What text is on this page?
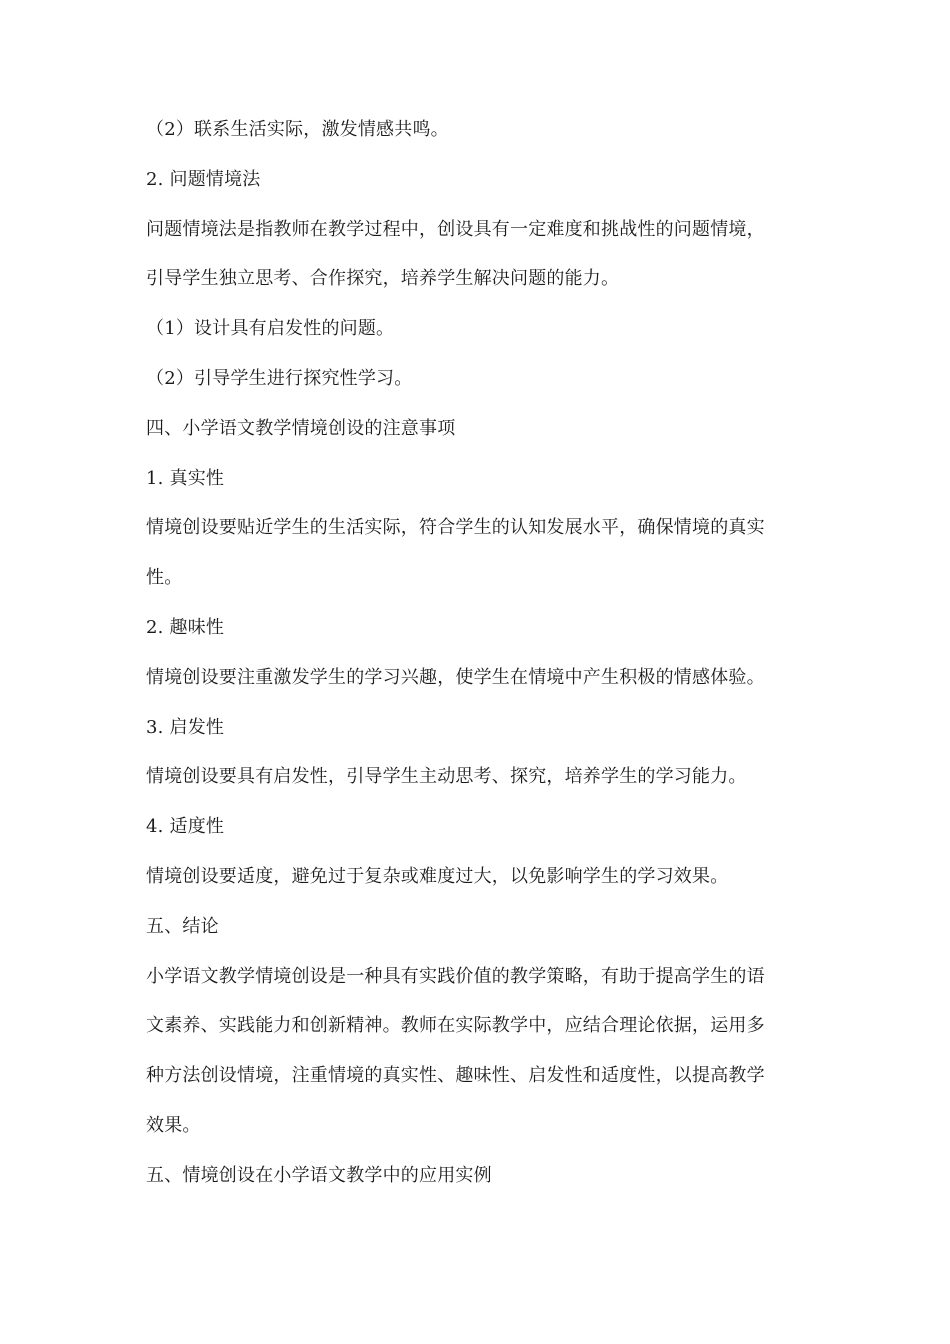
（2）联系生活实际，激发情感共鸣。
2. 问题情境法
问题情境法是指教师在教学过程中，创设具有一定难度和挑战性的问题情境，
引导学生独立思考、合作探究，培养学生解决问题的能力。
（1）设计具有启发性的问题。
（2）引导学生进行探究性学习。
四、小学语文教学情境创设的注意事项
1. 真实性
情境创设要贴近学生的生活实际，符合学生的认知发展水平，确保情境的真实
性。
2. 趣味性
情境创设要注重激发学生的学习兴趣，使学生在情境中产生积极的情感体验。
3. 启发性
情境创设要具有启发性，引导学生主动思考、探究，培养学生的学习能力。
4. 适度性
情境创设要适度，避免过于复杂或难度过大，以免影响学生的学习效果。
五、结论
小学语文教学情境创设是一种具有实践价值的教学策略，有助于提高学生的语
文素养、实践能力和创新精神。教师在实际教学中，应结合理论依据，运用多
种方法创设情境，注重情境的真实性、趣味性、启发性和适度性，以提高教学
效果。
五、情境创设在小学语文教学中的应用实例
